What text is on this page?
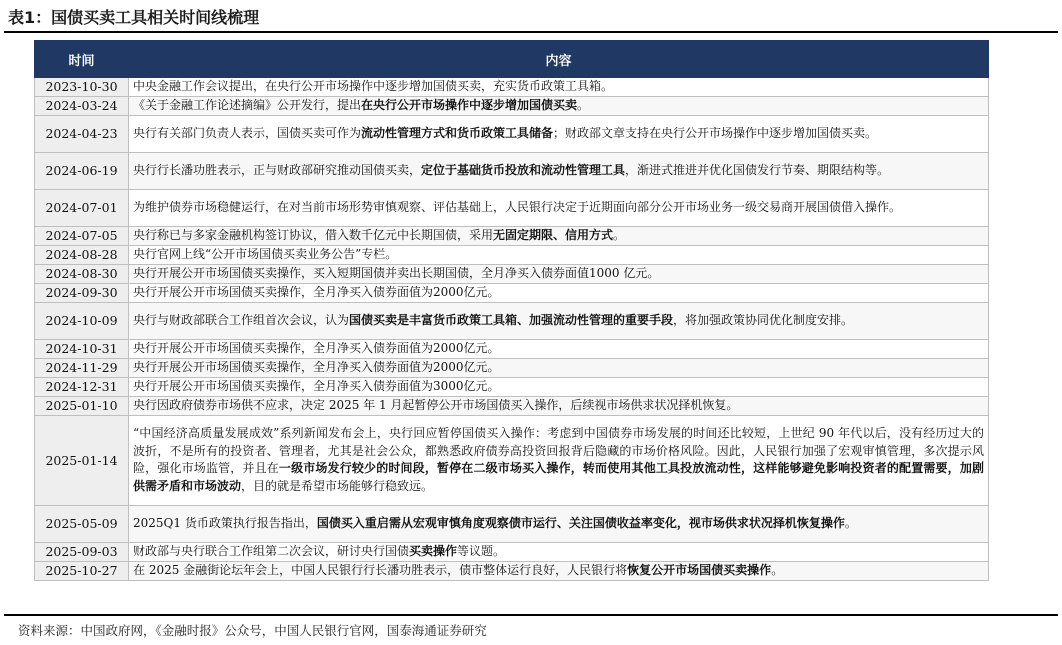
表1：国债买卖工具相关时间线梳理
时间	内容
2023-10-30	中央金融工作会议提出，在央行公开市场操作中逐步增加国债买卖，充实货币政策工具箱。
2024-03-24	《关于金融工作论述摘编》公开发行，提出在央行公开市场操作中逐步增加国债买卖。
2024-04-23	央行有关部门负责人表示，国债买卖可作为流动性管理方式和货币政策工具储备；财政部文章支持在央行公开市场操作中逐步增加国债买卖。
2024-06-19	央行行长潘功胜表示，正与财政部研究推动国债买卖，定位于基础货币投放和流动性管理工具，渐进式推进并优化国债发行节奏、期限结构等。
2024-07-01	为维护债券市场稳健运行，在对当前市场形势审慎观察、评估基础上，人民银行决定于近期面向部分公开市场业务一级交易商开展国债借入操作。
2024-07-05	央行称已与多家金融机构签订协议，借入数千亿元中长期国债，采用无固定期限、信用方式。
2024-08-28	央行官网上线“公开市场国债买卖业务公告”专栏。
2024-08-30	央行开展公开市场国债买卖操作，买入短期国债并卖出长期国债，全月净买入债券面值1000 亿元。
2024-09-30	央行开展公开市场国债买卖操作，全月净买入债券面值为2000亿元。
2024-10-09	央行与财政部联合工作组首次会议，认为国债买卖是丰富货币政策工具箱、加强流动性管理的重要手段，将加强政策协同优化制度安排。
2024-10-31	央行开展公开市场国债买卖操作，全月净买入债券面值为2000亿元。
2024-11-29	央行开展公开市场国债买卖操作，全月净买入债券面值为2000亿元。
2024-12-31	央行开展公开市场国债买卖操作，全月净买入债券面值为3000亿元。
2025-01-10	央行因政府债券市场供不应求，决定 2025 年 1 月起暂停公开市场国债买入操作，后续视市场供求状况择机恢复。
2025-01-14	“中国经济高质量发展成效”系列新闻发布会上，央行回应暂停国债买入操作：考虑到中国债券市场发展的时间还比较短，上世纪 90 年代以后，没有经历过大的波折，不是所有的投资者、管理者，尤其是社会公众，都熟悉政府债券高投资回报背后隐藏的市场价格风险。因此，人民银行加强了宏观审慎管理，多次提示风险，强化市场监管，并且在一级市场发行较少的时间段，暂停在二级市场买入操作，转而使用其他工具投放流动性，这样能够避免影响投资者的配置需要，加剧供需矛盾和市场波动，目的就是希望市场能够行稳致远。
2025-05-09	2025Q1 货币政策执行报告指出，国债买入重启需从宏观审慎角度观察债市运行、关注国债收益率变化，视市场供求状况择机恢复操作。
2025-09-03	财政部与央行联合工作组第二次会议，研讨央行国债买卖操作等议题。
2025-10-27	在 2025 金融街论坛年会上，中国人民银行行长潘功胜表示，债市整体运行良好，人民银行将恢复公开市场国债买卖操作。
资料来源：中国政府网，《金融时报》公众号，中国人民银行官网，国泰海通证券研究
